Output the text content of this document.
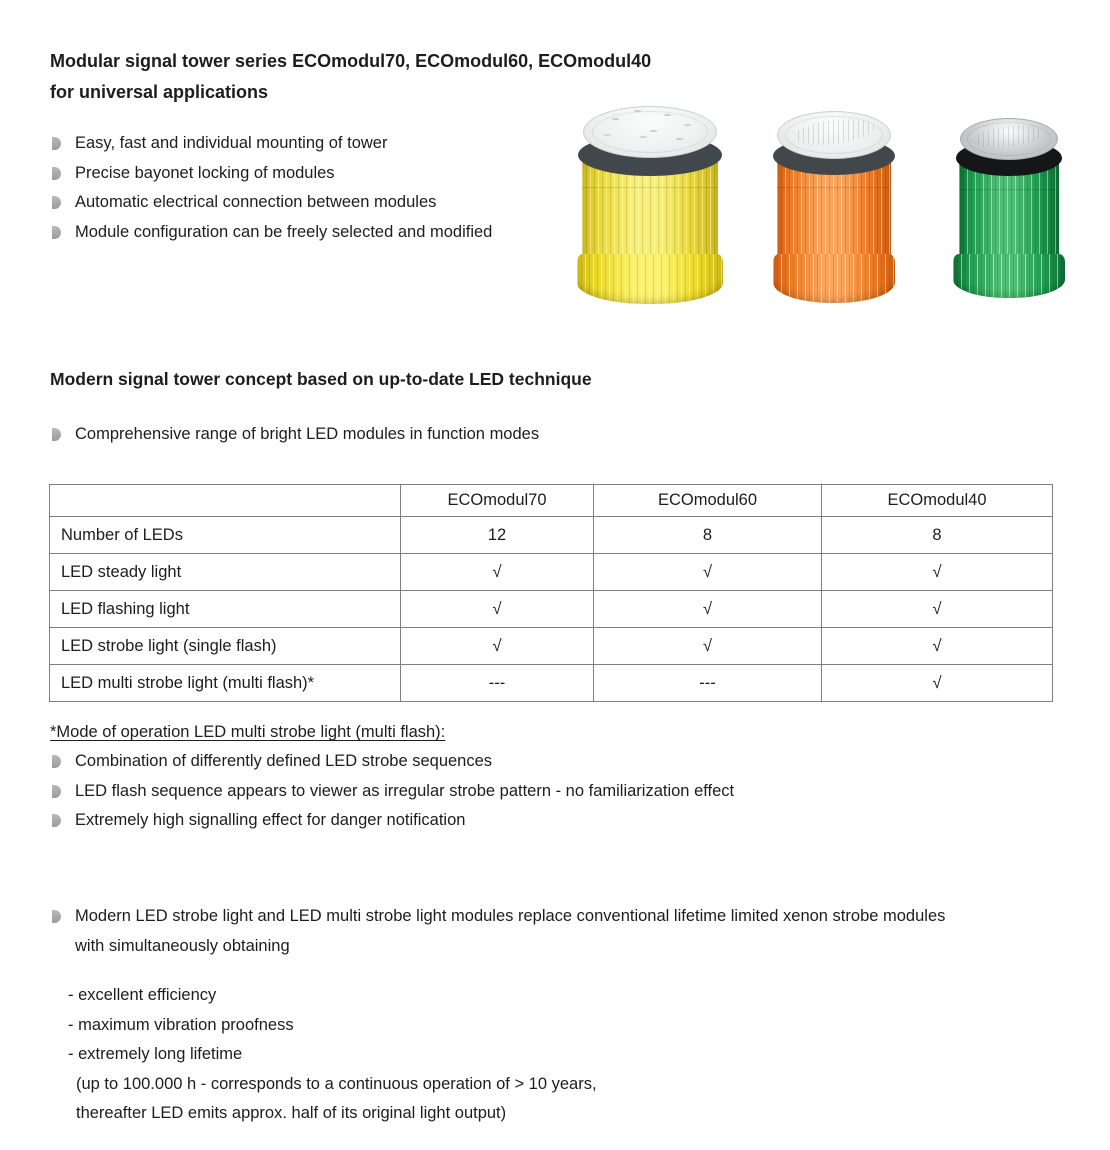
Modular signal tower series ECOmodul70, ECOmodul60, ECOmodul40
for universal applications
Easy, fast and individual mounting of tower
Precise bayonet locking of modules
Automatic electrical connection between modules
Module configuration can be freely selected and modified
Modern signal tower concept based on up-to-date LED technique
Comprehensive range of bright LED modules in function modes
	ECOmodul70	ECOmodul60	ECOmodul40
Number of LEDs	12	8	8
LED steady light	√	√	√
LED flashing light	√	√	√
LED strobe light (single flash)	√	√	√
LED multi strobe light (multi flash)*	---	---	√
*Mode of operation LED multi strobe light (multi flash):
Combination of differently defined LED strobe sequences
LED flash sequence appears to viewer as irregular strobe pattern - no familiarization effect
Extremely high signalling effect for danger notification
Modern LED strobe light and LED multi strobe light modules replace conventional lifetime limited xenon strobe modules
with simultaneously obtaining
- excellent efficiency
- maximum vibration proofness
- extremely long lifetime
(up to 100.000 h - corresponds to a continuous operation of > 10 years,
thereafter LED emits approx. half of its original light output)
